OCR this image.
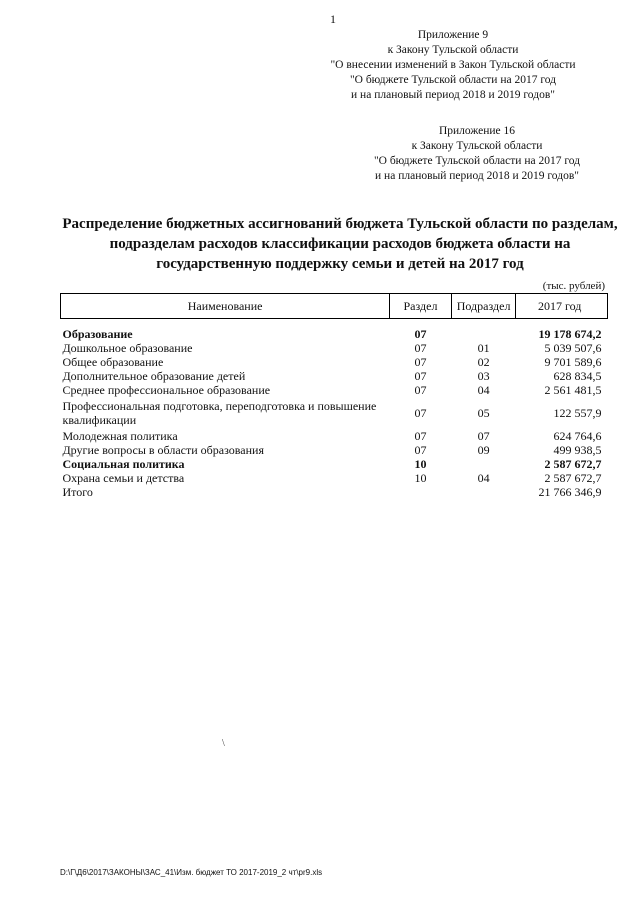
1
Приложение 9
к Закону Тульской области
"О внесении изменений в Закон Тульской области
"О бюджете Тульской области на 2017 год
и на плановый период 2018 и 2019 годов"
Приложение 16
к Закону Тульской области
"О бюджете Тульской области на 2017 год
и на плановый период 2018 и 2019 годов"
Распределение бюджетных ассигнований бюджета Тульской области по разделам, подразделам расходов классификации расходов бюджета области на государственную поддержку семьи и детей на 2017 год
(тыс. рублей)
Наименование	Раздел	Подраздел	2017 год

Образование	07		19 178 674,2
Дошкольное образование	07	01	5 039 507,6
Общее образование	07	02	9 701 589,6
Дополнительное образование детей	07	03	628 834,5
Среднее профессиональное образование	07	04	2 561 481,5
Профессиональная подготовка, переподготовка и повышение квалификации	07	05	122 557,9
Молодежная политика	07	07	624 764,6
Другие вопросы в области образования	07	09	499 938,5
Социальная политика	10		2 587 672,7
Охрана семьи и детства	10	04	2 587 672,7
Итого			21 766 346,9
\
D:\Г\Д6\2017\ЗАКОНЫ\ЗАС_41\Изм. бюджет ТО 2017-2019_2 чт\pr9.xls
